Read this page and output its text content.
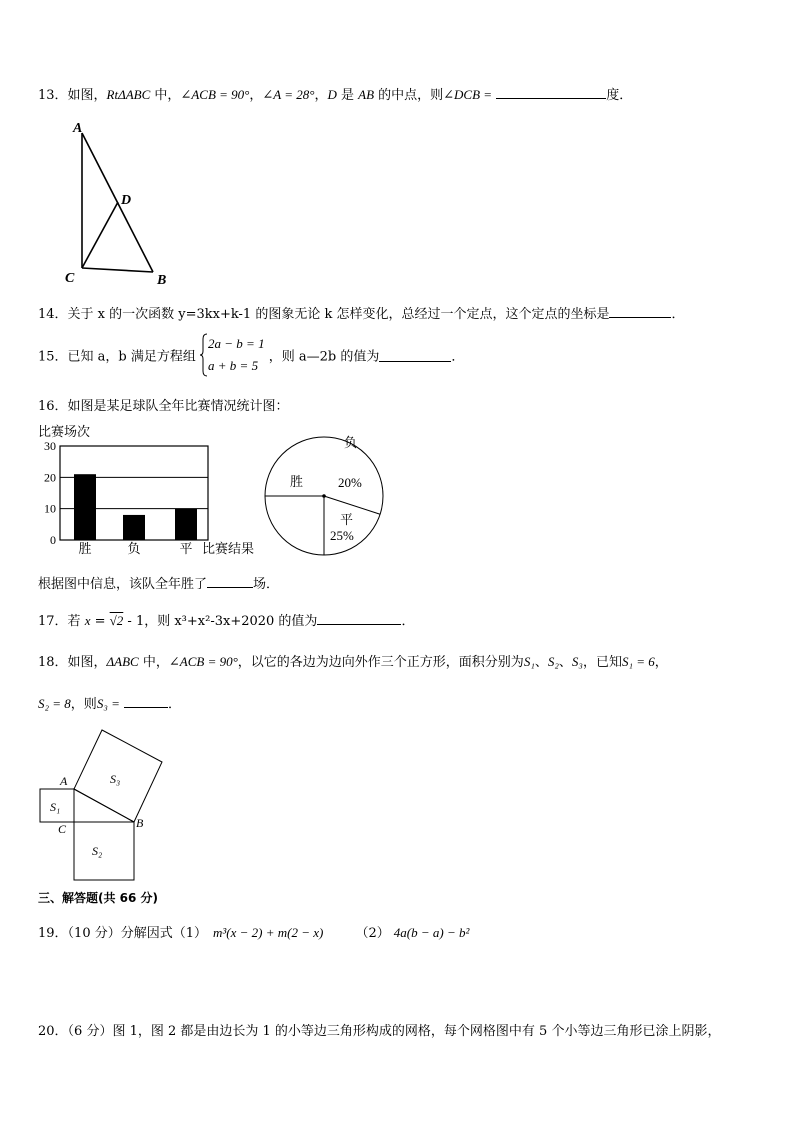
13．如图，RtΔABC 中，∠ACB = 90°，∠A = 28°，D 是 AB 的中点，则∠DCB =	度．
A
D
C	B
14．关于 x 的一次函数 y=3kx+k-1 的图象无论 k 怎样变化，总经过一个定点，这个定点的坐标是	．
15．已知 a，b 满足方程组
2a − b = 1
a + b = 5
，则 a—2b 的值为	．
16．如图是某足球队全年比赛情况统计图：
比赛场次
0
10
20
30
胜	负	平 比赛结果
胜
负
20%
平
25%
根据图中信息，该队全年胜了	场．
17．若 x = √2 - 1，则 x³+x²-3x+2020 的值为	．
18．如图，ΔABC 中，∠ACB = 90°，以它的各边为边向外作三个正方形，面积分别为S₁、S₂、S₃，已知S₁ = 6，
S₂ = 8，则S₃ =	．
A
C	B
S₁
S₂
S₃
三、解答题(共 66 分)
19．（10 分）分解因式（1） m³(x − 2) + m(2 − x) （2） 4a(b − a) − b²
20．（6 分）图 1，图 2 都是由边长为 1 的小等边三角形构成的网格，每个网格图中有 5 个小等边三角形已涂上阴影，
